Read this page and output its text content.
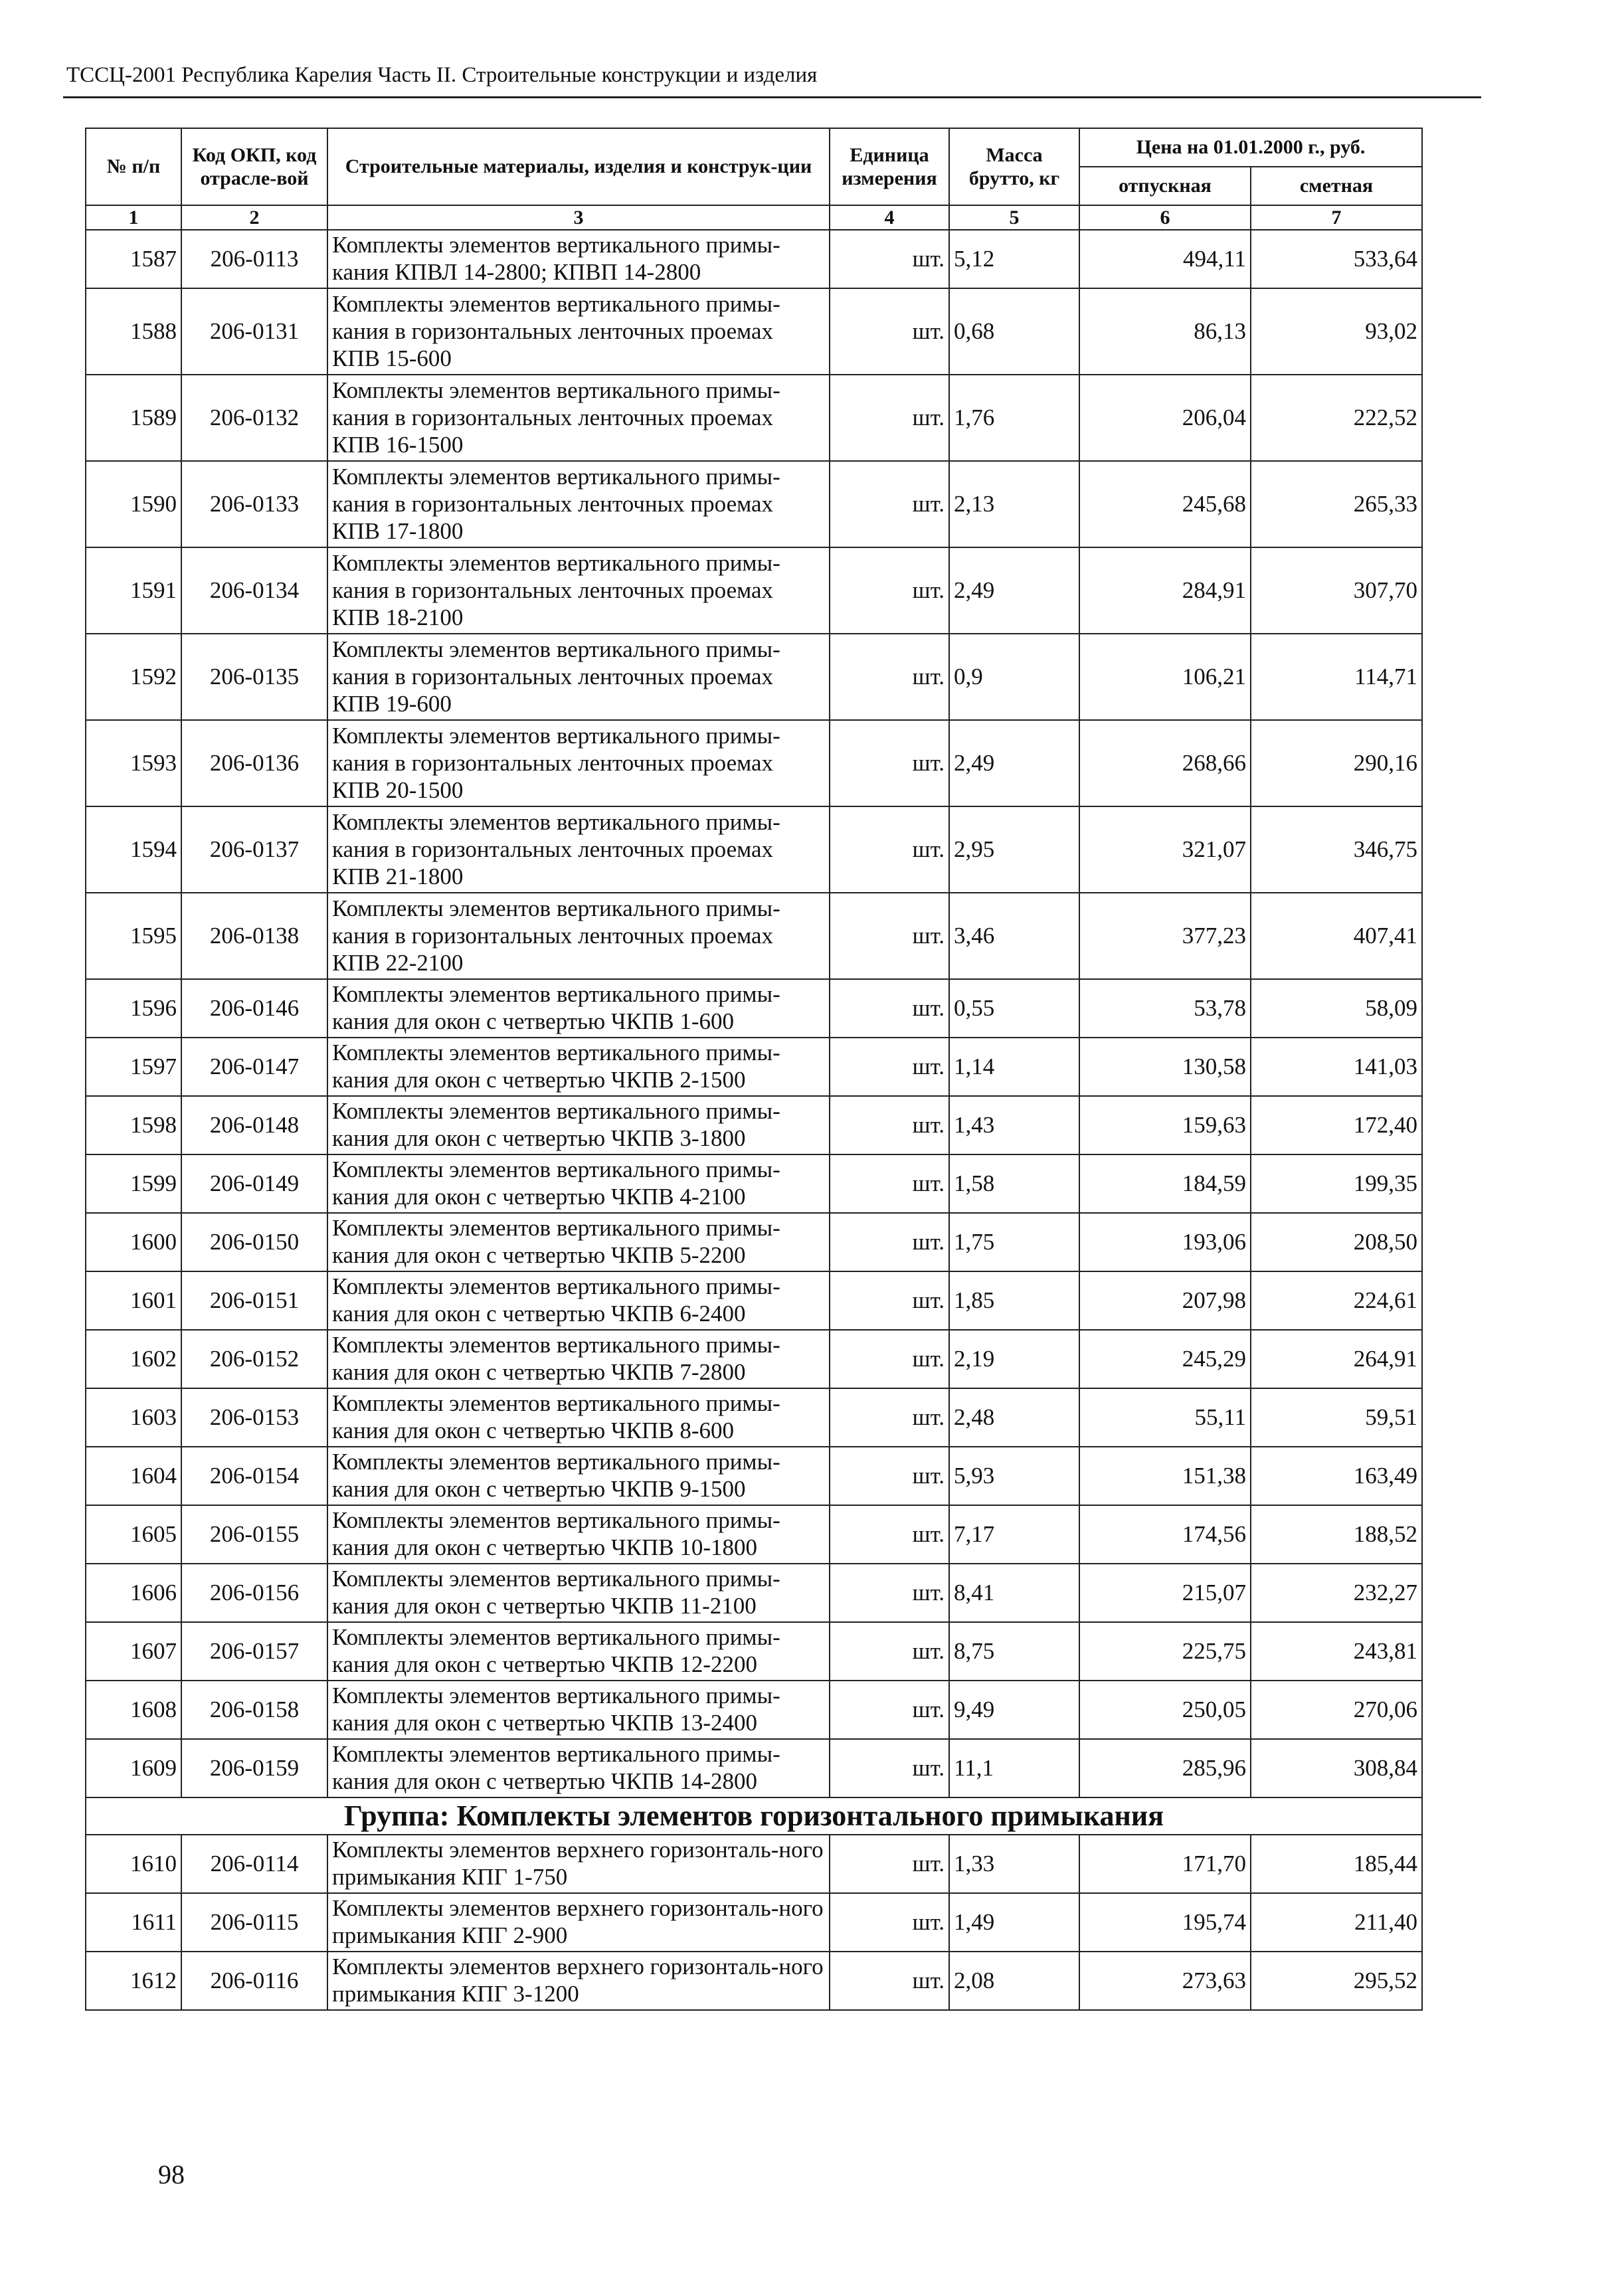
ТССЦ-2001 Республика Карелия Часть II. Строительные конструкции и изделия
№ п/п	Код ОКП, код отрасле-вой	Строительные материалы, изделия и конструк-ции	Единица измерения	Масса брутто, кг	Цена на 01.01.2000 г., руб.	
					отпускная	сметная
1	2	3	4	5	6	7
1587	206-0113	Комплекты элементов вертикального примы-кания КПВЛ 14-2800; КПВП 14-2800	шт.	5,12	494,11	533,64
1588	206-0131	Комплекты элементов вертикального примы-кания в горизонтальных ленточных проемах КПВ 15-600	шт.	0,68	86,13	93,02
1589	206-0132	Комплекты элементов вертикального примы-кания в горизонтальных ленточных проемах КПВ 16-1500	шт.	1,76	206,04	222,52
1590	206-0133	Комплекты элементов вертикального примы-кания в горизонтальных ленточных проемах КПВ 17-1800	шт.	2,13	245,68	265,33
1591	206-0134	Комплекты элементов вертикального примы-кания в горизонтальных ленточных проемах КПВ 18-2100	шт.	2,49	284,91	307,70
1592	206-0135	Комплекты элементов вертикального примы-кания в горизонтальных ленточных проемах КПВ 19-600	шт.	0,9	106,21	114,71
1593	206-0136	Комплекты элементов вертикального примы-кания в горизонтальных ленточных проемах КПВ 20-1500	шт.	2,49	268,66	290,16
1594	206-0137	Комплекты элементов вертикального примы-кания в горизонтальных ленточных проемах КПВ 21-1800	шт.	2,95	321,07	346,75
1595	206-0138	Комплекты элементов вертикального примы-кания в горизонтальных ленточных проемах КПВ 22-2100	шт.	3,46	377,23	407,41
1596	206-0146	Комплекты элементов вертикального примы-кания для окон с четвертью ЧКПВ 1-600	шт.	0,55	53,78	58,09
1597	206-0147	Комплекты элементов вертикального примы-кания для окон с четвертью ЧКПВ 2-1500	шт.	1,14	130,58	141,03
1598	206-0148	Комплекты элементов вертикального примы-кания для окон с четвертью ЧКПВ 3-1800	шт.	1,43	159,63	172,40
1599	206-0149	Комплекты элементов вертикального примы-кания для окон с четвертью ЧКПВ 4-2100	шт.	1,58	184,59	199,35
1600	206-0150	Комплекты элементов вертикального примы-кания для окон с четвертью ЧКПВ 5-2200	шт.	1,75	193,06	208,50
1601	206-0151	Комплекты элементов вертикального примы-кания для окон с четвертью ЧКПВ 6-2400	шт.	1,85	207,98	224,61
1602	206-0152	Комплекты элементов вертикального примы-кания для окон с четвертью ЧКПВ 7-2800	шт.	2,19	245,29	264,91
1603	206-0153	Комплекты элементов вертикального примы-кания для окон с четвертью ЧКПВ 8-600	шт.	2,48	55,11	59,51
1604	206-0154	Комплекты элементов вертикального примы-кания для окон с четвертью ЧКПВ 9-1500	шт.	5,93	151,38	163,49
1605	206-0155	Комплекты элементов вертикального примы-кания для окон с четвертью ЧКПВ 10-1800	шт.	7,17	174,56	188,52
1606	206-0156	Комплекты элементов вертикального примы-кания для окон с четвертью ЧКПВ 11-2100	шт.	8,41	215,07	232,27
1607	206-0157	Комплекты элементов вертикального примы-кания для окон с четвертью ЧКПВ 12-2200	шт.	8,75	225,75	243,81
1608	206-0158	Комплекты элементов вертикального примы-кания для окон с четвертью ЧКПВ 13-2400	шт.	9,49	250,05	270,06
1609	206-0159	Комплекты элементов вертикального примы-кания для окон с четвертью ЧКПВ 14-2800	шт.	11,1	285,96	308,84
Группа: Комплекты элементов горизонтального примыкания						
1610	206-0114	Комплекты элементов верхнего горизонталь-ного примыкания КПГ 1-750	шт.	1,33	171,70	185,44
1611	206-0115	Комплекты элементов верхнего горизонталь-ного примыкания КПГ 2-900	шт.	1,49	195,74	211,40
1612	206-0116	Комплекты элементов верхнего горизонталь-ного примыкания КПГ 3-1200	шт.	2,08	273,63	295,52
98
